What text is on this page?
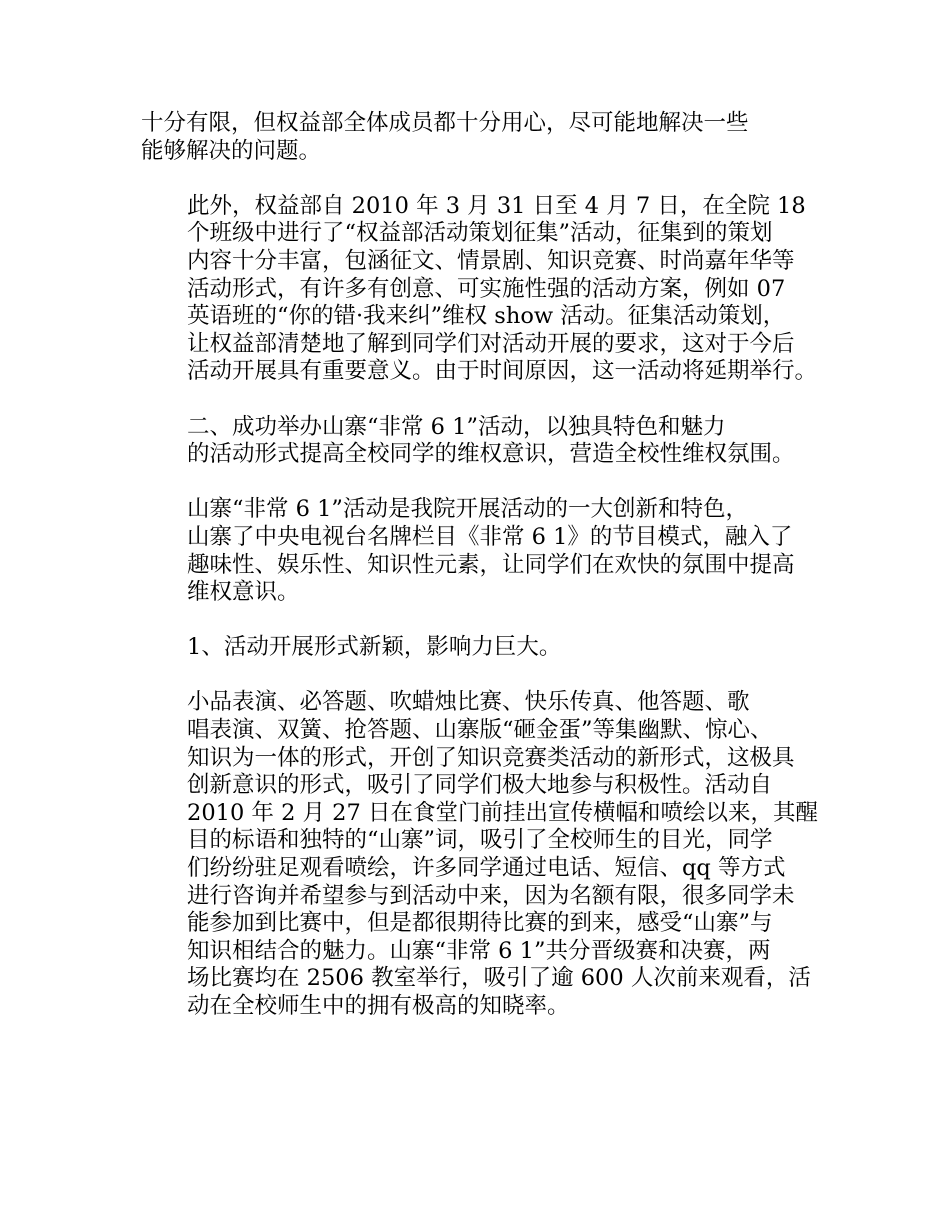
十分有限，但权益部全体成员都十分用心，尽可能地解决一些
能够解决的问题。

此外，权益部自 2010 年 3 月 31 日至 4 月 7 日，在全院 18
个班级中进行了“权益部活动策划征集”活动，征集到的策划
内容十分丰富，包涵征文、情景剧、知识竞赛、时尚嘉年华等
活动形式，有许多有创意、可实施性强的活动方案，例如 07
英语班的“你的错·我来纠”维权 show 活动。征集活动策划，
让权益部清楚地了解到同学们对活动开展的要求，这对于今后
活动开展具有重要意义。由于时间原因，这一活动将延期举行。

二、成功举办山寨“非常 6 1”活动，以独具特色和魅力
的活动形式提高全校同学的维权意识，营造全校性维权氛围。

山寨“非常 6 1”活动是我院开展活动的一大创新和特色，
山寨了中央电视台名牌栏目《非常 6 1》的节目模式，融入了
趣味性、娱乐性、知识性元素，让同学们在欢快的氛围中提高
维权意识。

1、活动开展形式新颖，影响力巨大。

小品表演、必答题、吹蜡烛比赛、快乐传真、他答题、歌
唱表演、双簧、抢答题、山寨版“砸金蛋”等集幽默、惊心、
知识为一体的形式，开创了知识竞赛类活动的新形式，这极具
创新意识的形式，吸引了同学们极大地参与积极性。活动自
2010 年 2 月 27 日在食堂门前挂出宣传横幅和喷绘以来，其醒
目的标语和独特的“山寨”词，吸引了全校师生的目光，同学
们纷纷驻足观看喷绘，许多同学通过电话、短信、qq 等方式
进行咨询并希望参与到活动中来，因为名额有限，很多同学未
能参加到比赛中，但是都很期待比赛的到来，感受“山寨”与
知识相结合的魅力。山寨“非常 6 1”共分晋级赛和决赛，两
场比赛均在 2506 教室举行，吸引了逾 600 人次前来观看，活
动在全校师生中的拥有极高的知晓率。
